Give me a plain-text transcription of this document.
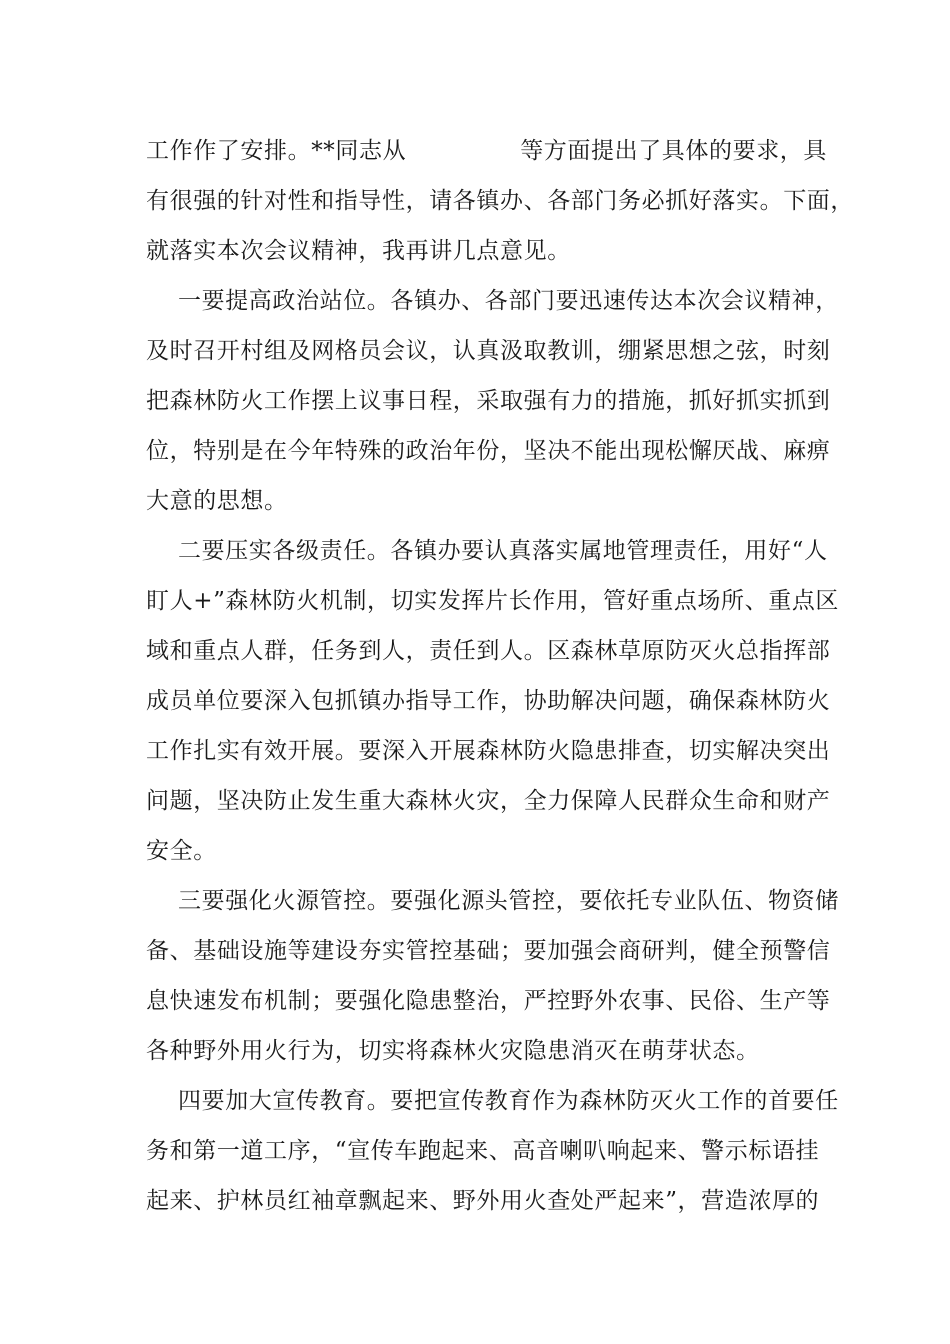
工作作了安排。**同志从	等方面提出了具体的要求，具
有很强的针对性和指导性，请各镇办、各部门务必抓好落实。下面，
就落实本次会议精神，我再讲几点意见。
一要提高政治站位。各镇办、各部门要迅速传达本次会议精神，
及时召开村组及网格员会议，认真汲取教训，绷紧思想之弦，时刻
把森林防火工作摆上议事日程，采取强有力的措施，抓好抓实抓到
位，特别是在今年特殊的政治年份，坚决不能出现松懈厌战、麻痹
大意的思想。
二要压实各级责任。各镇办要认真落实属地管理责任，用好“人
盯人+”森林防火机制，切实发挥片长作用，管好重点场所、重点区
域和重点人群，任务到人，责任到人。区森林草原防灭火总指挥部
成员单位要深入包抓镇办指导工作，协助解决问题，确保森林防火
工作扎实有效开展。要深入开展森林防火隐患排查，切实解决突出
问题，坚决防止发生重大森林火灾，全力保障人民群众生命和财产
安全。
三要强化火源管控。要强化源头管控，要依托专业队伍、物资储
备、基础设施等建设夯实管控基础；要加强会商研判，健全预警信
息快速发布机制；要强化隐患整治，严控野外农事、民俗、生产等
各种野外用火行为，切实将森林火灾隐患消灭在萌芽状态。
四要加大宣传教育。要把宣传教育作为森林防灭火工作的首要任
务和第一道工序，“宣传车跑起来、高音喇叭响起来、警示标语挂
起来、护林员红袖章飘起来、野外用火查处严起来”，营造浓厚的
